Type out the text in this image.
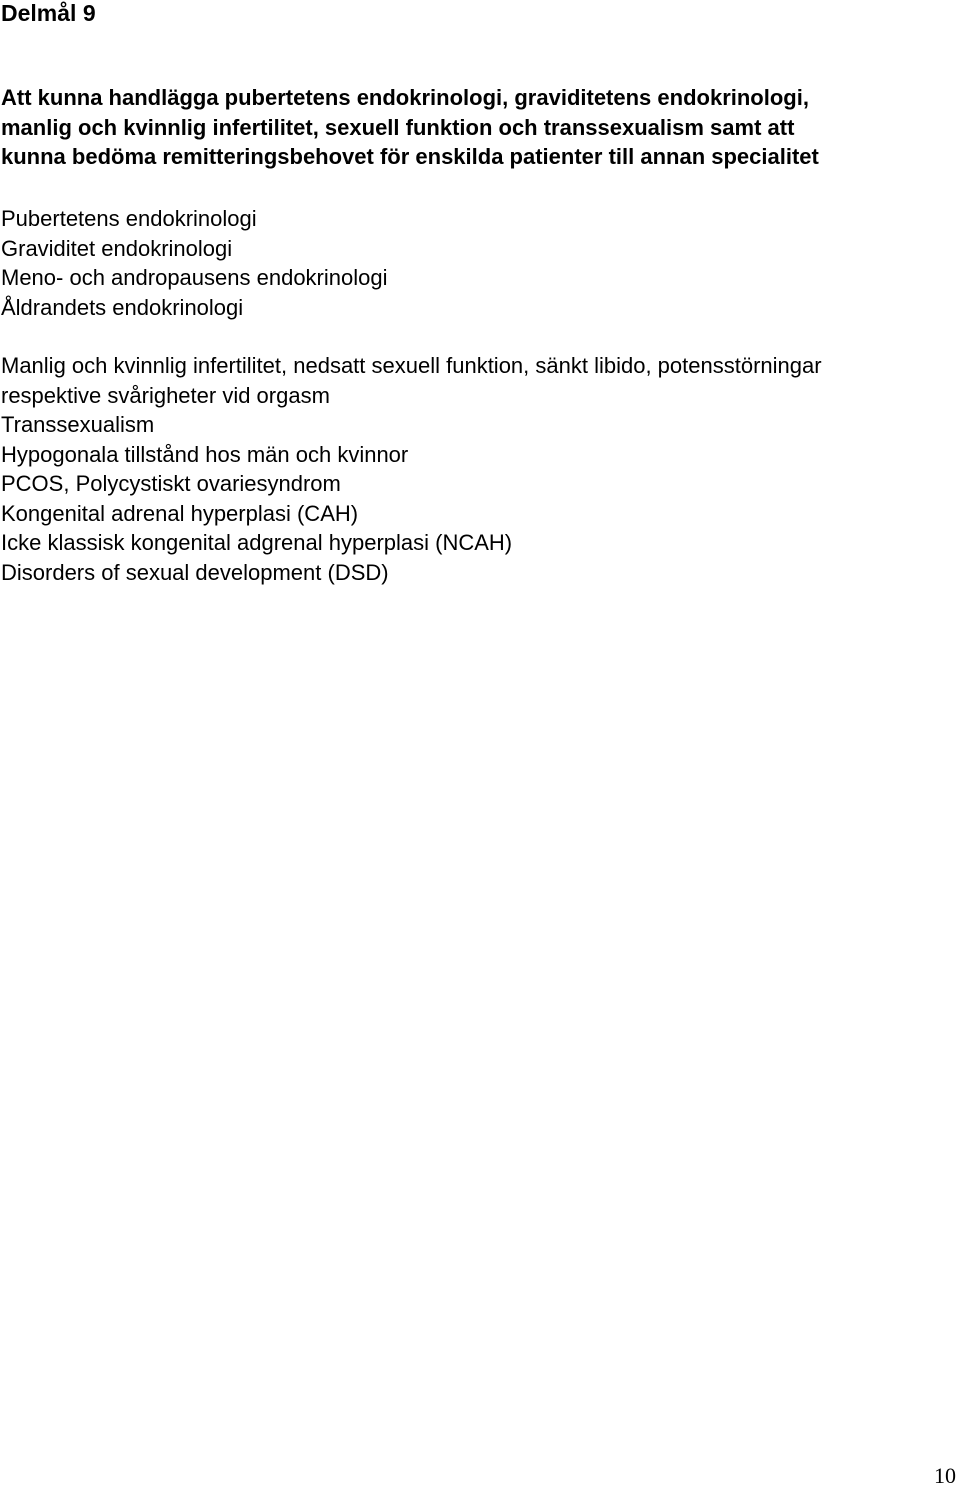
Delmål 9

Att kunna handlägga pubertetens endokrinologi, graviditetens endokrinologi,
manlig och kvinnlig infertilitet, sexuell funktion och transsexualism samt att
kunna bedöma remitteringsbehovet för enskilda patienter till annan specialitet

Pubertetens endokrinologi
Graviditet endokrinologi
Meno- och andropausens endokrinologi
Åldrandets endokrinologi
Manlig och kvinnlig infertilitet, nedsatt sexuell funktion, sänkt libido, potensstörningar
respektive svårigheter vid orgasm
Transsexualism
Hypogonala tillstånd hos män och kvinnor
PCOS, Polycystiskt ovariesyndrom
Kongenital adrenal hyperplasi (CAH)
Icke klassisk kongenital adgrenal hyperplasi (NCAH)
Disorders of sexual development (DSD)

10
